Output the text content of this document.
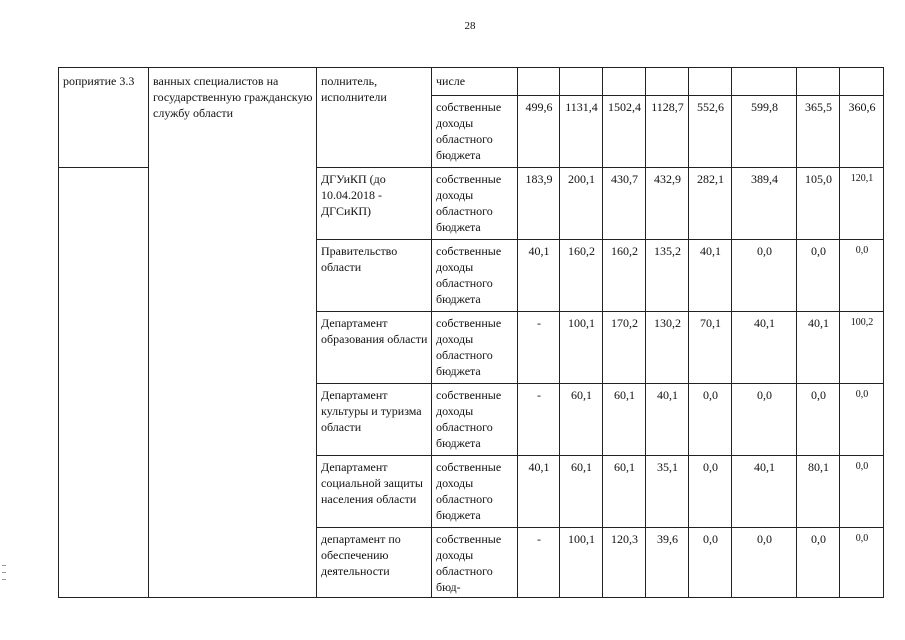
28
роприятие 3.3	ванных специалистов на государственную гражданскую службу области	полнитель, исполнители	числе								
			собственные доходы областного бюджета	499,6	1131,4	1502,4	1128,7	552,6	599,8	365,5	360,6
		ДГУиКП (до 10.04.2018 - ДГСиКП)	собственные доходы областного бюджета	183,9	200,1	430,7	432,9	282,1	389,4	105,0	120,1
		Правительство области	собственные доходы областного бюджета	40,1	160,2	160,2	135,2	40,1	0,0	0,0	0,0
		Департамент образования области	собственные доходы областного бюджета	-	100,1	170,2	130,2	70,1	40,1	40,1	100,2
		Департамент культуры и туризма области	собственные доходы областного бюджета	-	60,1	60,1	40,1	0,0	0,0	0,0	0,0
		Департамент социальной защиты населения области	собственные доходы областного бюджета	40,1	60,1	60,1	35,1	0,0	40,1	80,1	0,0
		департамент по обеспечению деятельности	собственные доходы областного бюд-	-	100,1	120,3	39,6	0,0	0,0	0,0	0,0
